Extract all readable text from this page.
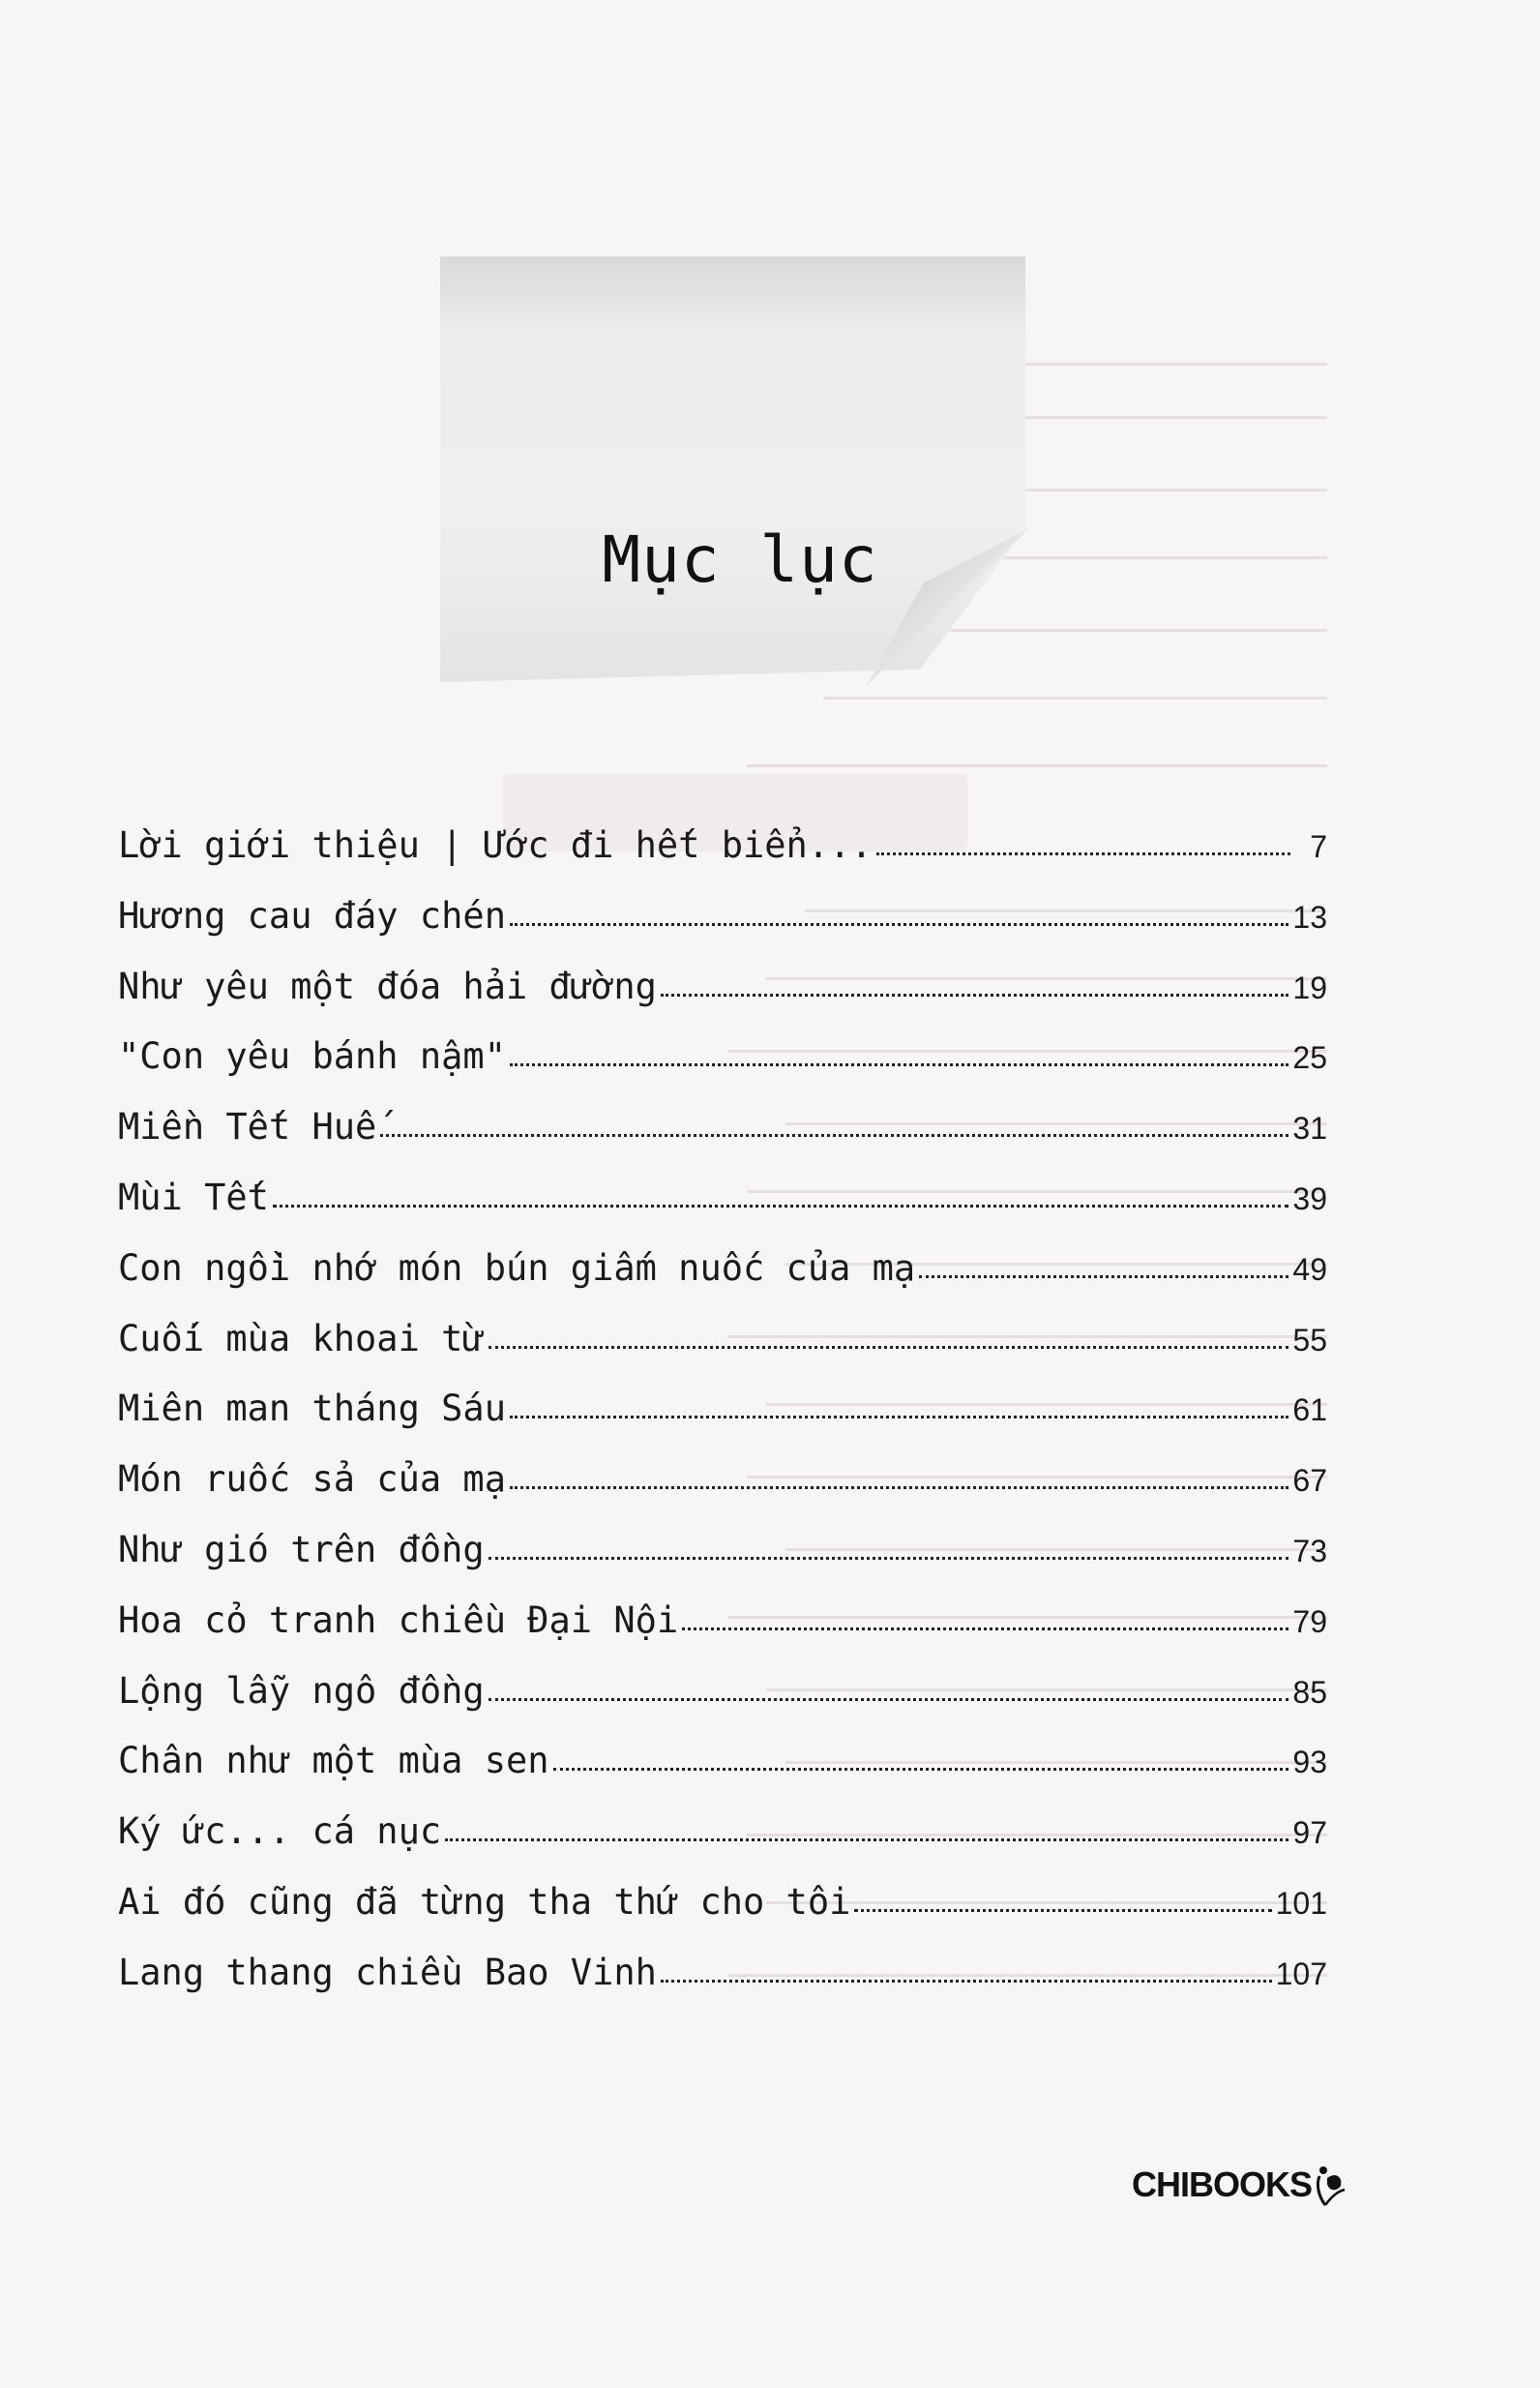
Mục lục
Lời giới thiệu | Ước đi hết biển...	7
Hương cau đáy chén	13
Như yêu một đóa hải đường	19
"Con yêu bánh nậm"	25
Miền Tết Huế	31
Mùi Tết	39
Con ngồi nhớ món bún giấm nuốc của mạ	49
Cuối mùa khoai từ	55
Miên man tháng Sáu	61
Món ruốc sả của mạ	67
Như gió trên đồng	73
Hoa cỏ tranh chiều Đại Nội	79
Lộng lẫy ngô đồng	85
Chân như một mùa sen	93
Ký ức... cá nục	97
Ai đó cũng đã từng tha thứ cho tôi	101
Lang thang chiều Bao Vinh	107
CHIBOOKS
